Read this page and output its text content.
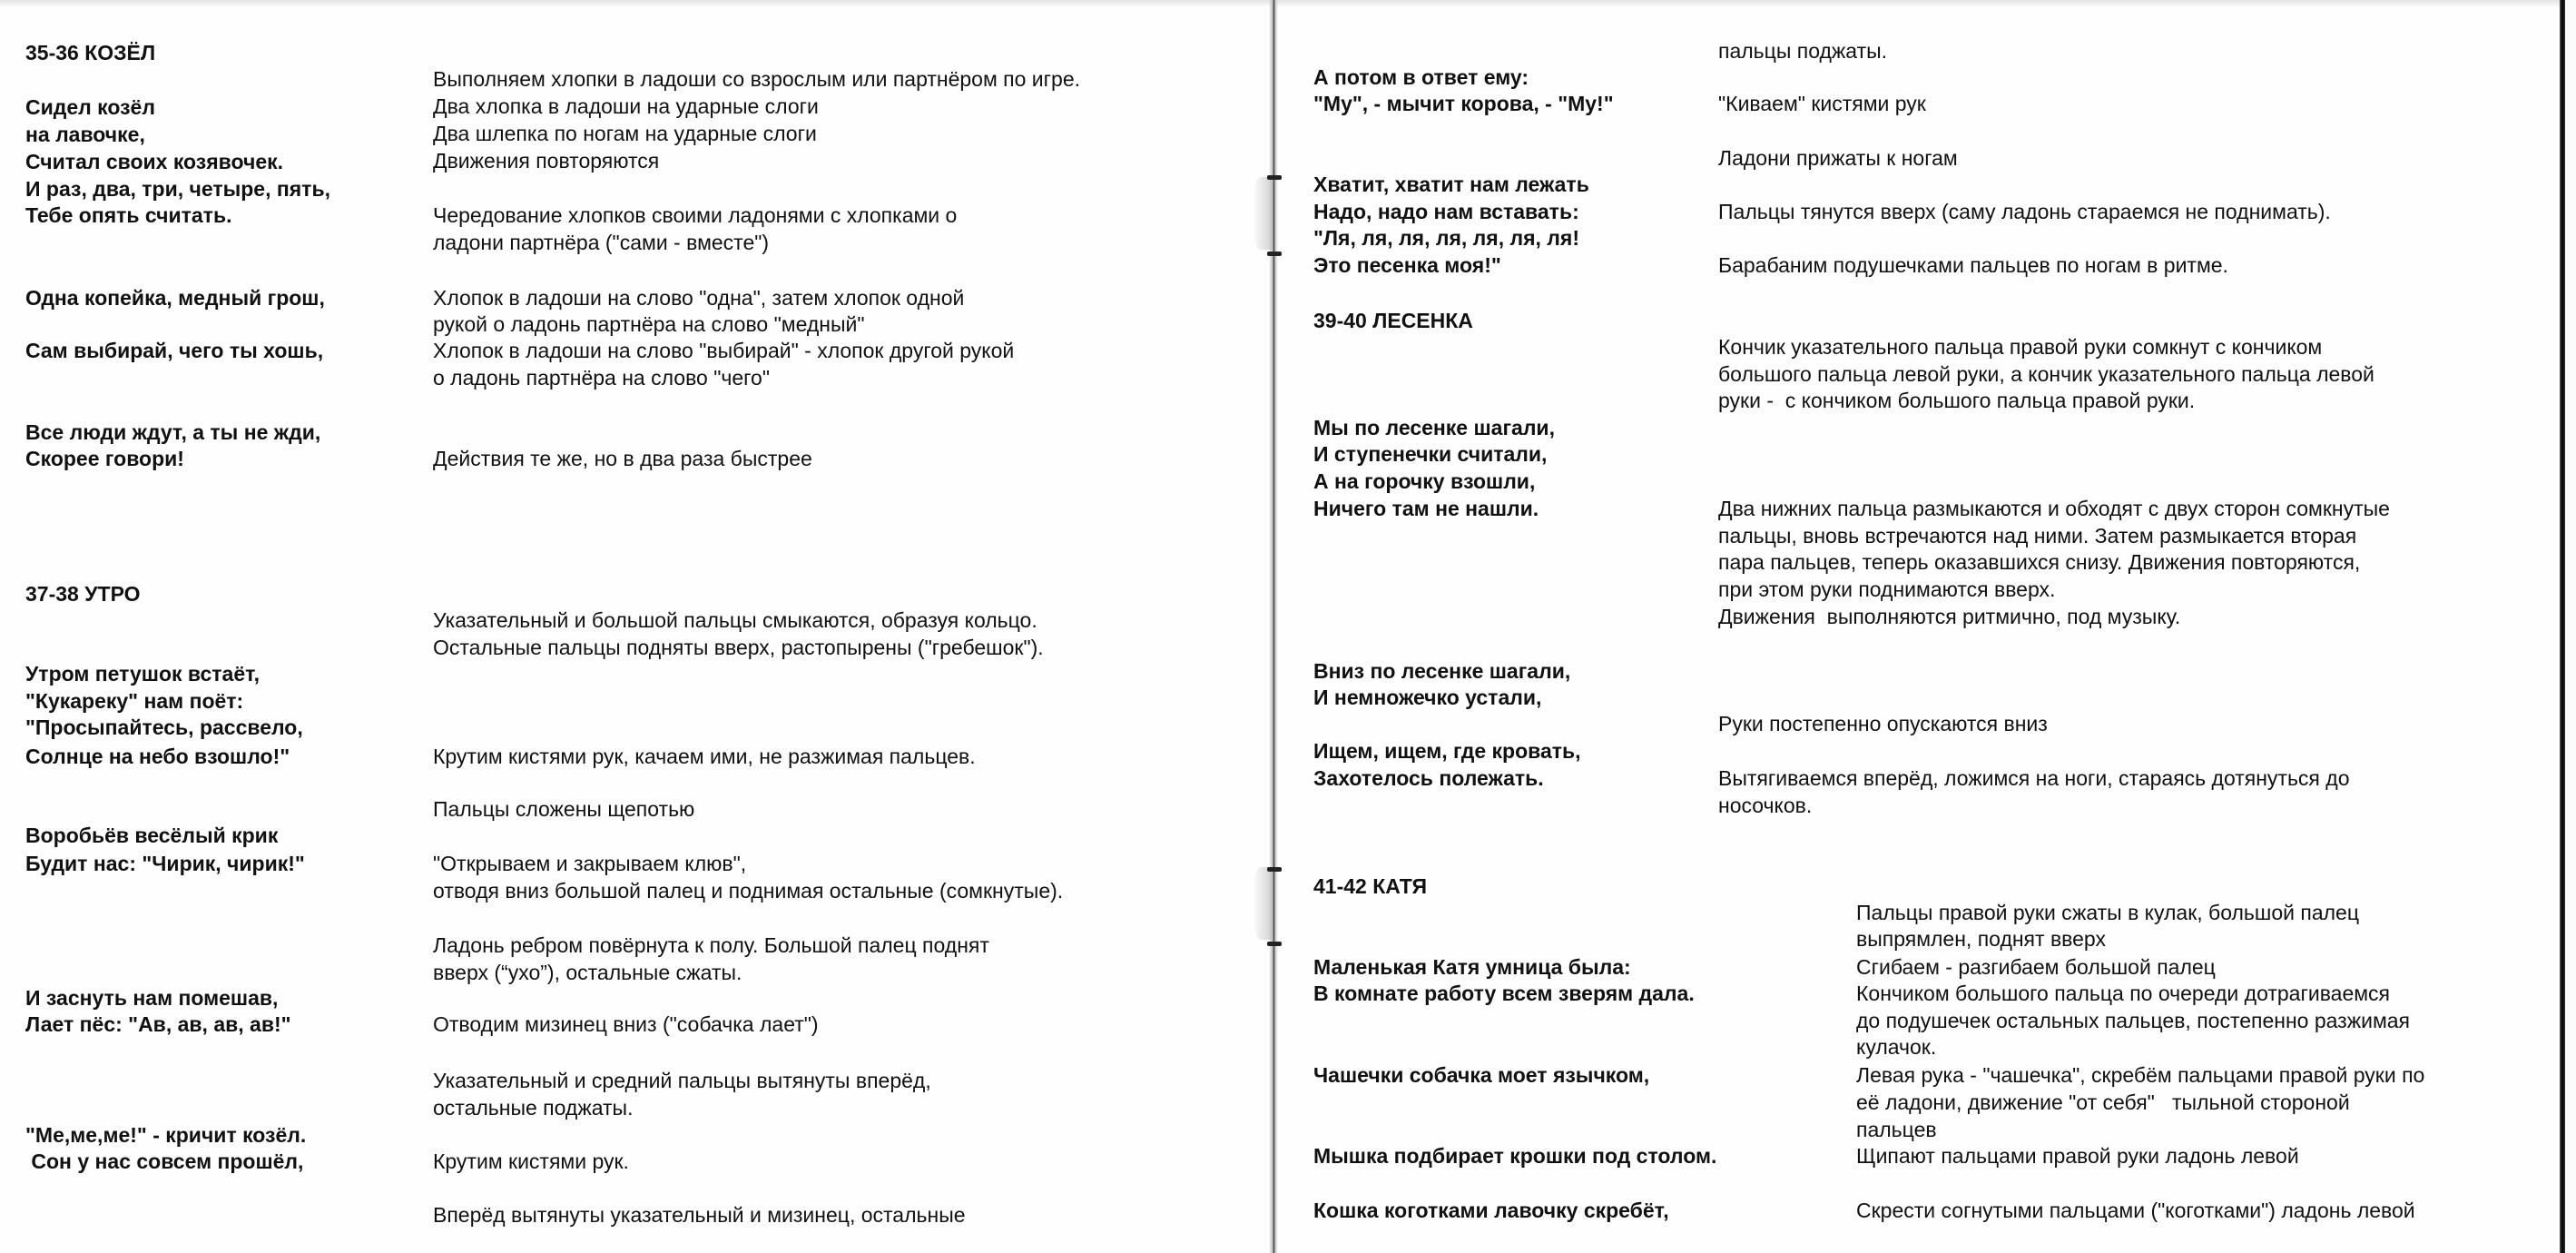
35-36 КОЗЁЛ
Сидел козёл
на лавочке,
Считал своих козявочек.
И раз, два, три, четыре, пять,
Тебе опять считать.
Одна копейка, медный грош,
Сам выбирай, чего ты хошь,
Все люди ждут, а ты не жди,
Скорее говори!
Выполняем хлопки в ладоши со взрослым или партнёром по игре.
Два хлопка в ладоши на ударные слоги
Два шлепка по ногам на ударные слоги
Движения повторяются
Чередование хлопков своими ладонями с хлопками о
ладони партнёра ("сами - вместе")
Хлопок в ладоши на слово "одна", затем хлопок одной
рукой о ладонь партнёра на слово "медный"
Хлопок в ладоши на слово "выбирай" - хлопок другой рукой
о ладонь партнёра на слово "чего"
Действия те же, но в два раза быстрее
37-38 УТРО
Утром петушок встаёт,
"Кукареку" нам поёт:
"Просыпайтесь, рассвело,
Солнце на небо взошло!"
Воробьёв весёлый крик
Будит нас: "Чирик, чирик!"
И заснуть нам помешав,
Лает пёс: "Ав, ав, ав, ав!"
"Ме,ме,ме!" - кричит козёл.
Сон у нас совсем прошёл,
Указательный и большой пальцы смыкаются, образуя кольцо.
Остальные пальцы подняты вверх, растопырены ("гребешок").
Крутим кистями рук, качаем ими, не разжимая пальцев.
Пальцы сложены щепотью
"Открываем и закрываем клюв",
отводя вниз большой палец и поднимая остальные (сомкнутые).
Ладонь ребром повёрнута к полу. Большой палец поднят
вверх (“ухо”), остальные сжаты.
Отводим мизинец вниз ("собачка лает")
Указательный и средний пальцы вытянуты вперёд,
остальные поджаты.
Крутим кистями рук.
Вперёд вытянуты указательный и мизинец, остальные
А потом в ответ ему:
"Му", - мычит корова, - "Му!"
Хватит, хватит нам лежать
Надо, надо нам вставать:
"Ля, ля, ля, ля, ля, ля, ля!
Это песенка моя!"
пальцы поджаты.
"Киваем" кистями рук
Ладони прижаты к ногам
Пальцы тянутся вверх (саму ладонь стараемся не поднимать).
Барабаним подушечками пальцев по ногам в ритме.
39-40 ЛЕСЕНКА
Мы по лесенке шагали,
И ступенечки считали,
А на горочку взошли,
Ничего там не нашли.
Вниз по лесенке шагали,
И немножечко устали,
Ищем, ищем, где кровать,
Захотелось полежать.
Кончик указательного пальца правой руки сомкнут с кончиком
большого пальца левой руки, а кончик указательного пальца левой
руки -  с кончиком большого пальца правой руки.
Два нижних пальца размыкаются и обходят с двух сторон сомкнутые
пальцы, вновь встречаются над ними. Затем размыкается вторая
пара пальцев, теперь оказавшихся снизу. Движения повторяются,
при этом руки поднимаются вверх.
Движения  выполняются ритмично, под музыку.
Руки постепенно опускаются вниз
Вытягиваемся вперёд, ложимся на ноги, стараясь дотянуться до
носочков.
41-42 КАТЯ
Маленькая Катя умница была:
В комнате работу всем зверям дала.
Чашечки собачка моет язычком,
Мышка подбирает крошки под столом.
Кошка коготками лавочку скребёт,
Пальцы правой руки сжаты в кулак, большой палец
выпрямлен, поднят вверх
Сгибаем - разгибаем большой палец
Кончиком большого пальца по очереди дотрагиваемся
до подушечек остальных пальцев, постепенно разжимая
кулачок.
Левая рука - "чашечка", скребём пальцами правой руки по
её ладони, движение "от себя"   тыльной стороной
пальцев
Щипают пальцами правой руки ладонь левой
Скрести согнутыми пальцами ("коготками") ладонь левой
